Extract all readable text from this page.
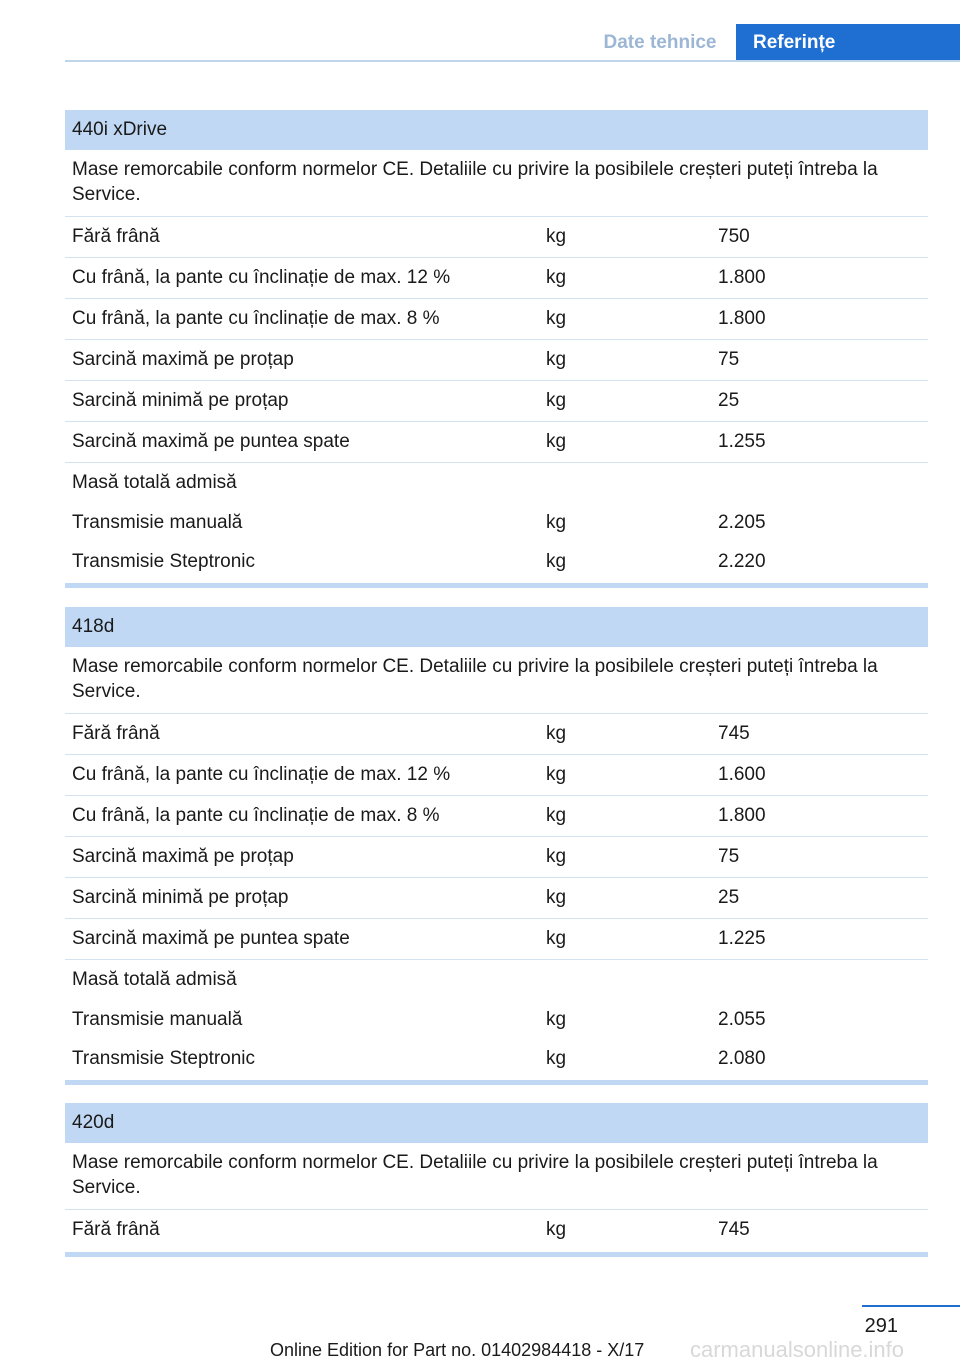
Date tehnice	Referințe
440i xDrive
Mase remorcabile conform normelor CE. Detaliile cu privire la posibilele creșteri puteți întreba la Service.
Fără frână	kg	750
Cu frână, la pante cu înclinație de max. 12 %	kg	1.800
Cu frână, la pante cu înclinație de max. 8 %	kg	1.800
Sarcină maximă pe proțap	kg	75
Sarcină minimă pe proțap	kg	25
Sarcină maximă pe puntea spate	kg	1.255
Masă totală admisă
Transmisie manuală	kg	2.205
Transmisie Steptronic	kg	2.220
418d
Mase remorcabile conform normelor CE. Detaliile cu privire la posibilele creșteri puteți întreba la Service.
Fără frână	kg	745
Cu frână, la pante cu înclinație de max. 12 %	kg	1.600
Cu frână, la pante cu înclinație de max. 8 %	kg	1.800
Sarcină maximă pe proțap	kg	75
Sarcină minimă pe proțap	kg	25
Sarcină maximă pe puntea spate	kg	1.225
Masă totală admisă
Transmisie manuală	kg	2.055
Transmisie Steptronic	kg	2.080
420d
Mase remorcabile conform normelor CE. Detaliile cu privire la posibilele creșteri puteți întreba la Service.
Fără frână	kg	745
291
Online Edition for Part no. 01402984418 - X/17 carmanualsonline.info
